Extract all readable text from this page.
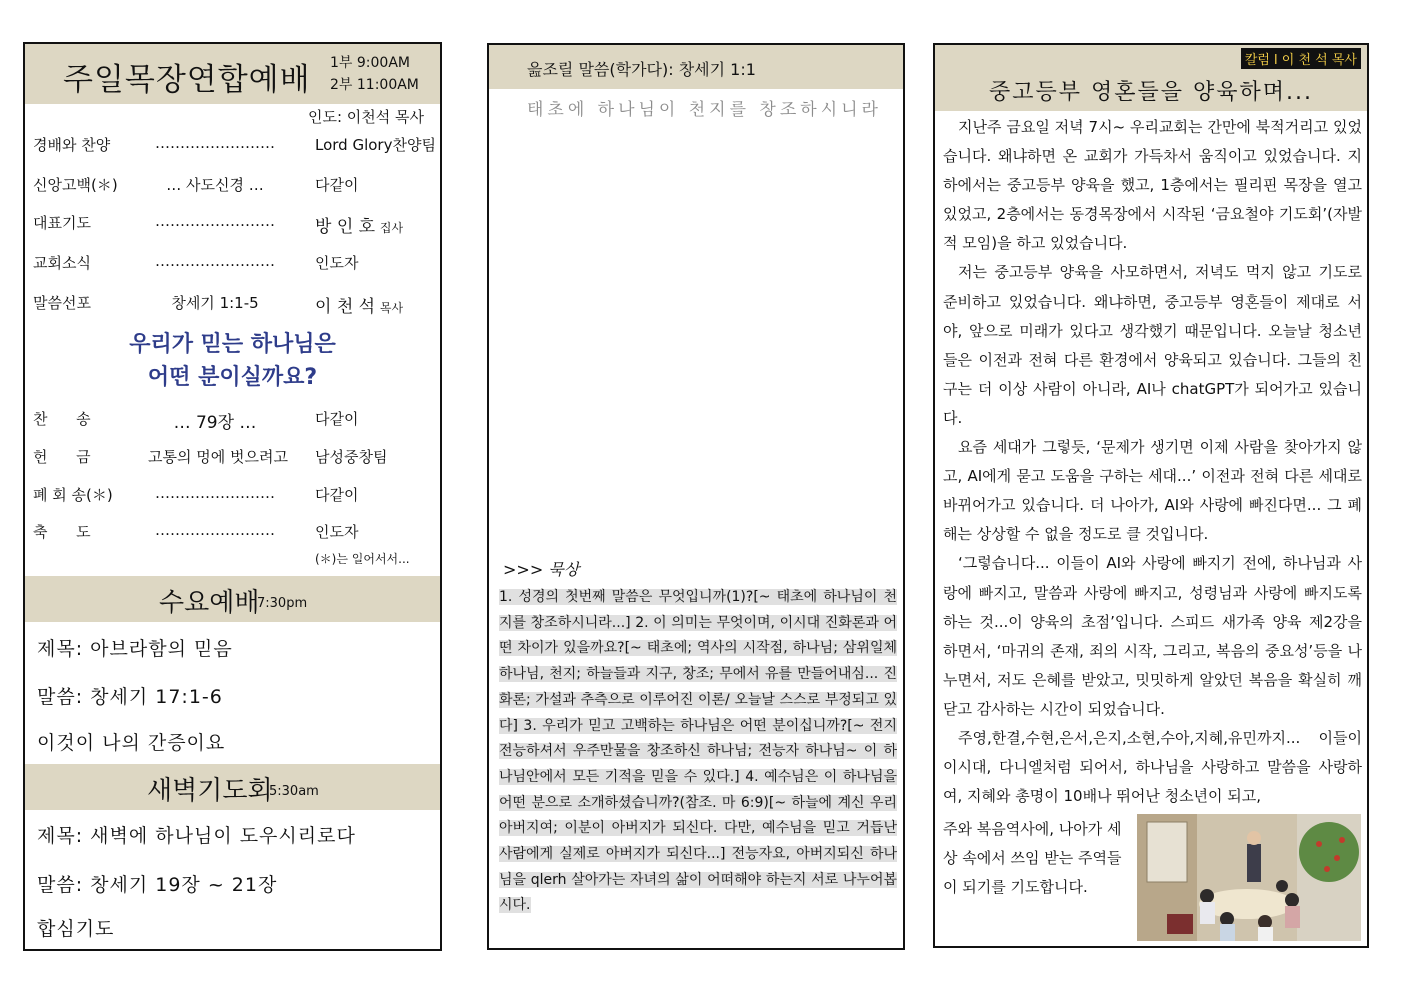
주일목장연합예배 1부 9:00AM
2부 11:00AM
인도: 이천석 목사
경배와 찬양	……………………	Lord Glory찬양팀
신앙고백(＊)	… 사도신경 …	다같이
대표기도	……………………	방 인 호 집사
교회소식	……………………	인도자
말씀선포	창세기 1:1-5	이 천 석 목사
우리가 믿는 하나님은
어떤 분이실까요?
찬      송	… 79장 …	다같이
헌      금	고통의 멍에 벗으려고	남성중창팀
폐 회 송(＊)	……………………	다같이
축      도	……………………	인도자
(＊)는 일어서서...
수요예배
7:30pm
제목: 아브라함의 믿음
말씀: 창세기 17:1-6
이것이 나의 간증이요
새벽기도회
5:30am
제목: 새벽에 하나님이 도우시리로다
말씀: 창세기 19장 ~ 21장
합심기도
읊조릴 말씀(학가다): 창세기 1:1
태초에 하나님이 천지를 창조하시니라
>>> 묵상
1. 성경의 첫번째 말씀은 무엇입니까(1)?[~ 태초에 하나님이 천지를 창조하시니라...] 2. 이 의미는 무엇이며, 이시대 진화론과 어떤 차이가 있을까요?[~ 태초에; 역사의 시작점, 하나님; 삼위일체 하나님, 천지; 하늘들과 지구, 창조; 무에서 유를 만들어내심... 진화론; 가설과 추측으로 이루어진 이론/ 오늘날 스스로 부정되고 있다] 3. 우리가 믿고 고백하는 하나님은 어떤 분이십니까?[~ 전지전능하셔서 우주만물을 창조하신 하나님; 전능자 하나님~ 이 하나님안에서 모든 기적을 믿을 수 있다.] 4. 예수님은 이 하나님을 어떤 분으로 소개하셨습니까?(참조. 마 6:9)[~ 하늘에 계신 우리 아버지여; 이분이 아버지가 되신다. 다만, 예수님을 믿고 거듭난 사람에게 실제로 아버지가 되신다...] 전능자요, 아버지되신 하나님을 qlerh 살아가는 자녀의 삶이 어떠해야 하는지 서로 나누어봅시다.
칼럼 l 이 천 석 목사
중고등부 영혼들을 양육하며...

지난주 금요일 저녁 7시~ 우리교회는 간만에 북적거리고 있었습니다. 왜냐하면 온 교회가 가득차서 움직이고 있었습니다. 지하에서는 중고등부 양육을 했고, 1층에서는 필리핀 목장을 열고 있었고, 2층에서는 동경목장에서 시작된 ‘금요철야 기도회’(자발적 모임)을 하고 있었습니다.

저는 중고등부 양육을 사모하면서, 저녁도 먹지 않고 기도로 준비하고 있었습니다. 왜냐하면, 중고등부 영혼들이 제대로 서야, 앞으로 미래가 있다고 생각했기 때문입니다. 오늘날 청소년들은 이전과 전혀 다른 환경에서 양육되고 있습니다. 그들의 친구는 더 이상 사람이 아니라, AI나 chatGPT가 되어가고 있습니다.

요즘 세대가 그렇듯, ‘문제가 생기면 이제 사람을 찾아가지 않고, AI에게 묻고 도움을 구하는 세대...’ 이전과 전혀 다른 세대로 바뀌어가고 있습니다. 더 나아가, AI와 사랑에 빠진다면... 그 폐해는 상상할 수 없을 정도로 클 것입니다.

‘그렇습니다... 이들이 AI와 사랑에 빠지기 전에, 하나님과 사랑에 빠지고, 말씀과 사랑에 빠지고, 성령님과 사랑에 빠지도록 하는 것...이 양육의 초점’입니다. 스피드 새가족 양육 제2강을 하면서, ‘마귀의 존재, 죄의 시작, 그리고, 복음의 중요성’등을 나누면서, 저도 은혜를 받았고, 밋밋하게 알았던 복음을 확실히 깨닫고 감사하는 시간이 되었습니다.

주영,한결,수현,은서,은지,소현,수아,지혜,유민까지... 이들이 이시대, 다니엘처럼 되어서, 하나님을 사랑하고 말씀을 사랑하여, 지혜와 총명이 10배나 뛰어난 청소년이 되고,

주와 복음역사에, 나아가 세상 속에서 쓰임 받는 주역들이 되기를 기도합니다.
